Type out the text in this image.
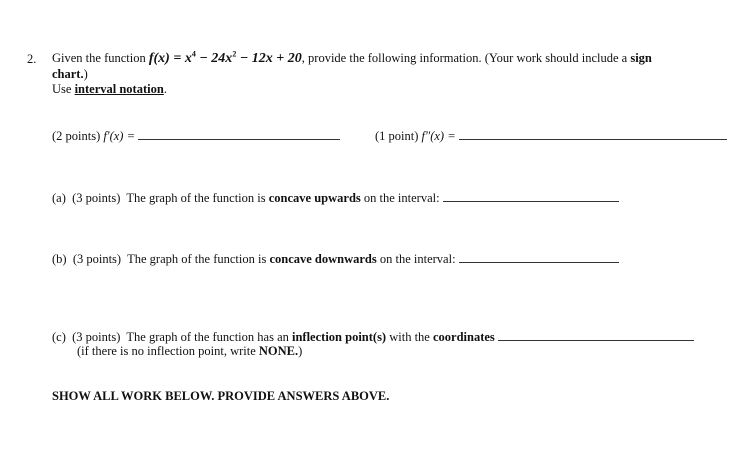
2. Given the function $f(x) = x^4 - 24x^2 - 12x + 20$, provide the following information. (Your work should include a sign
chart.)
Use interval notation.
(2 points) f′(x) =	(1 point) f″(x) =
(a) (3 points) The graph of the function is concave upwards on the interval:
(b) (3 points) The graph of the function is concave downwards on the interval:
(c) (3 points) The graph of the function has an inflection point(s) with the coordinates
(if there is no inflection point, write NONE.)
SHOW ALL WORK BELOW. PROVIDE ANSWERS ABOVE.
